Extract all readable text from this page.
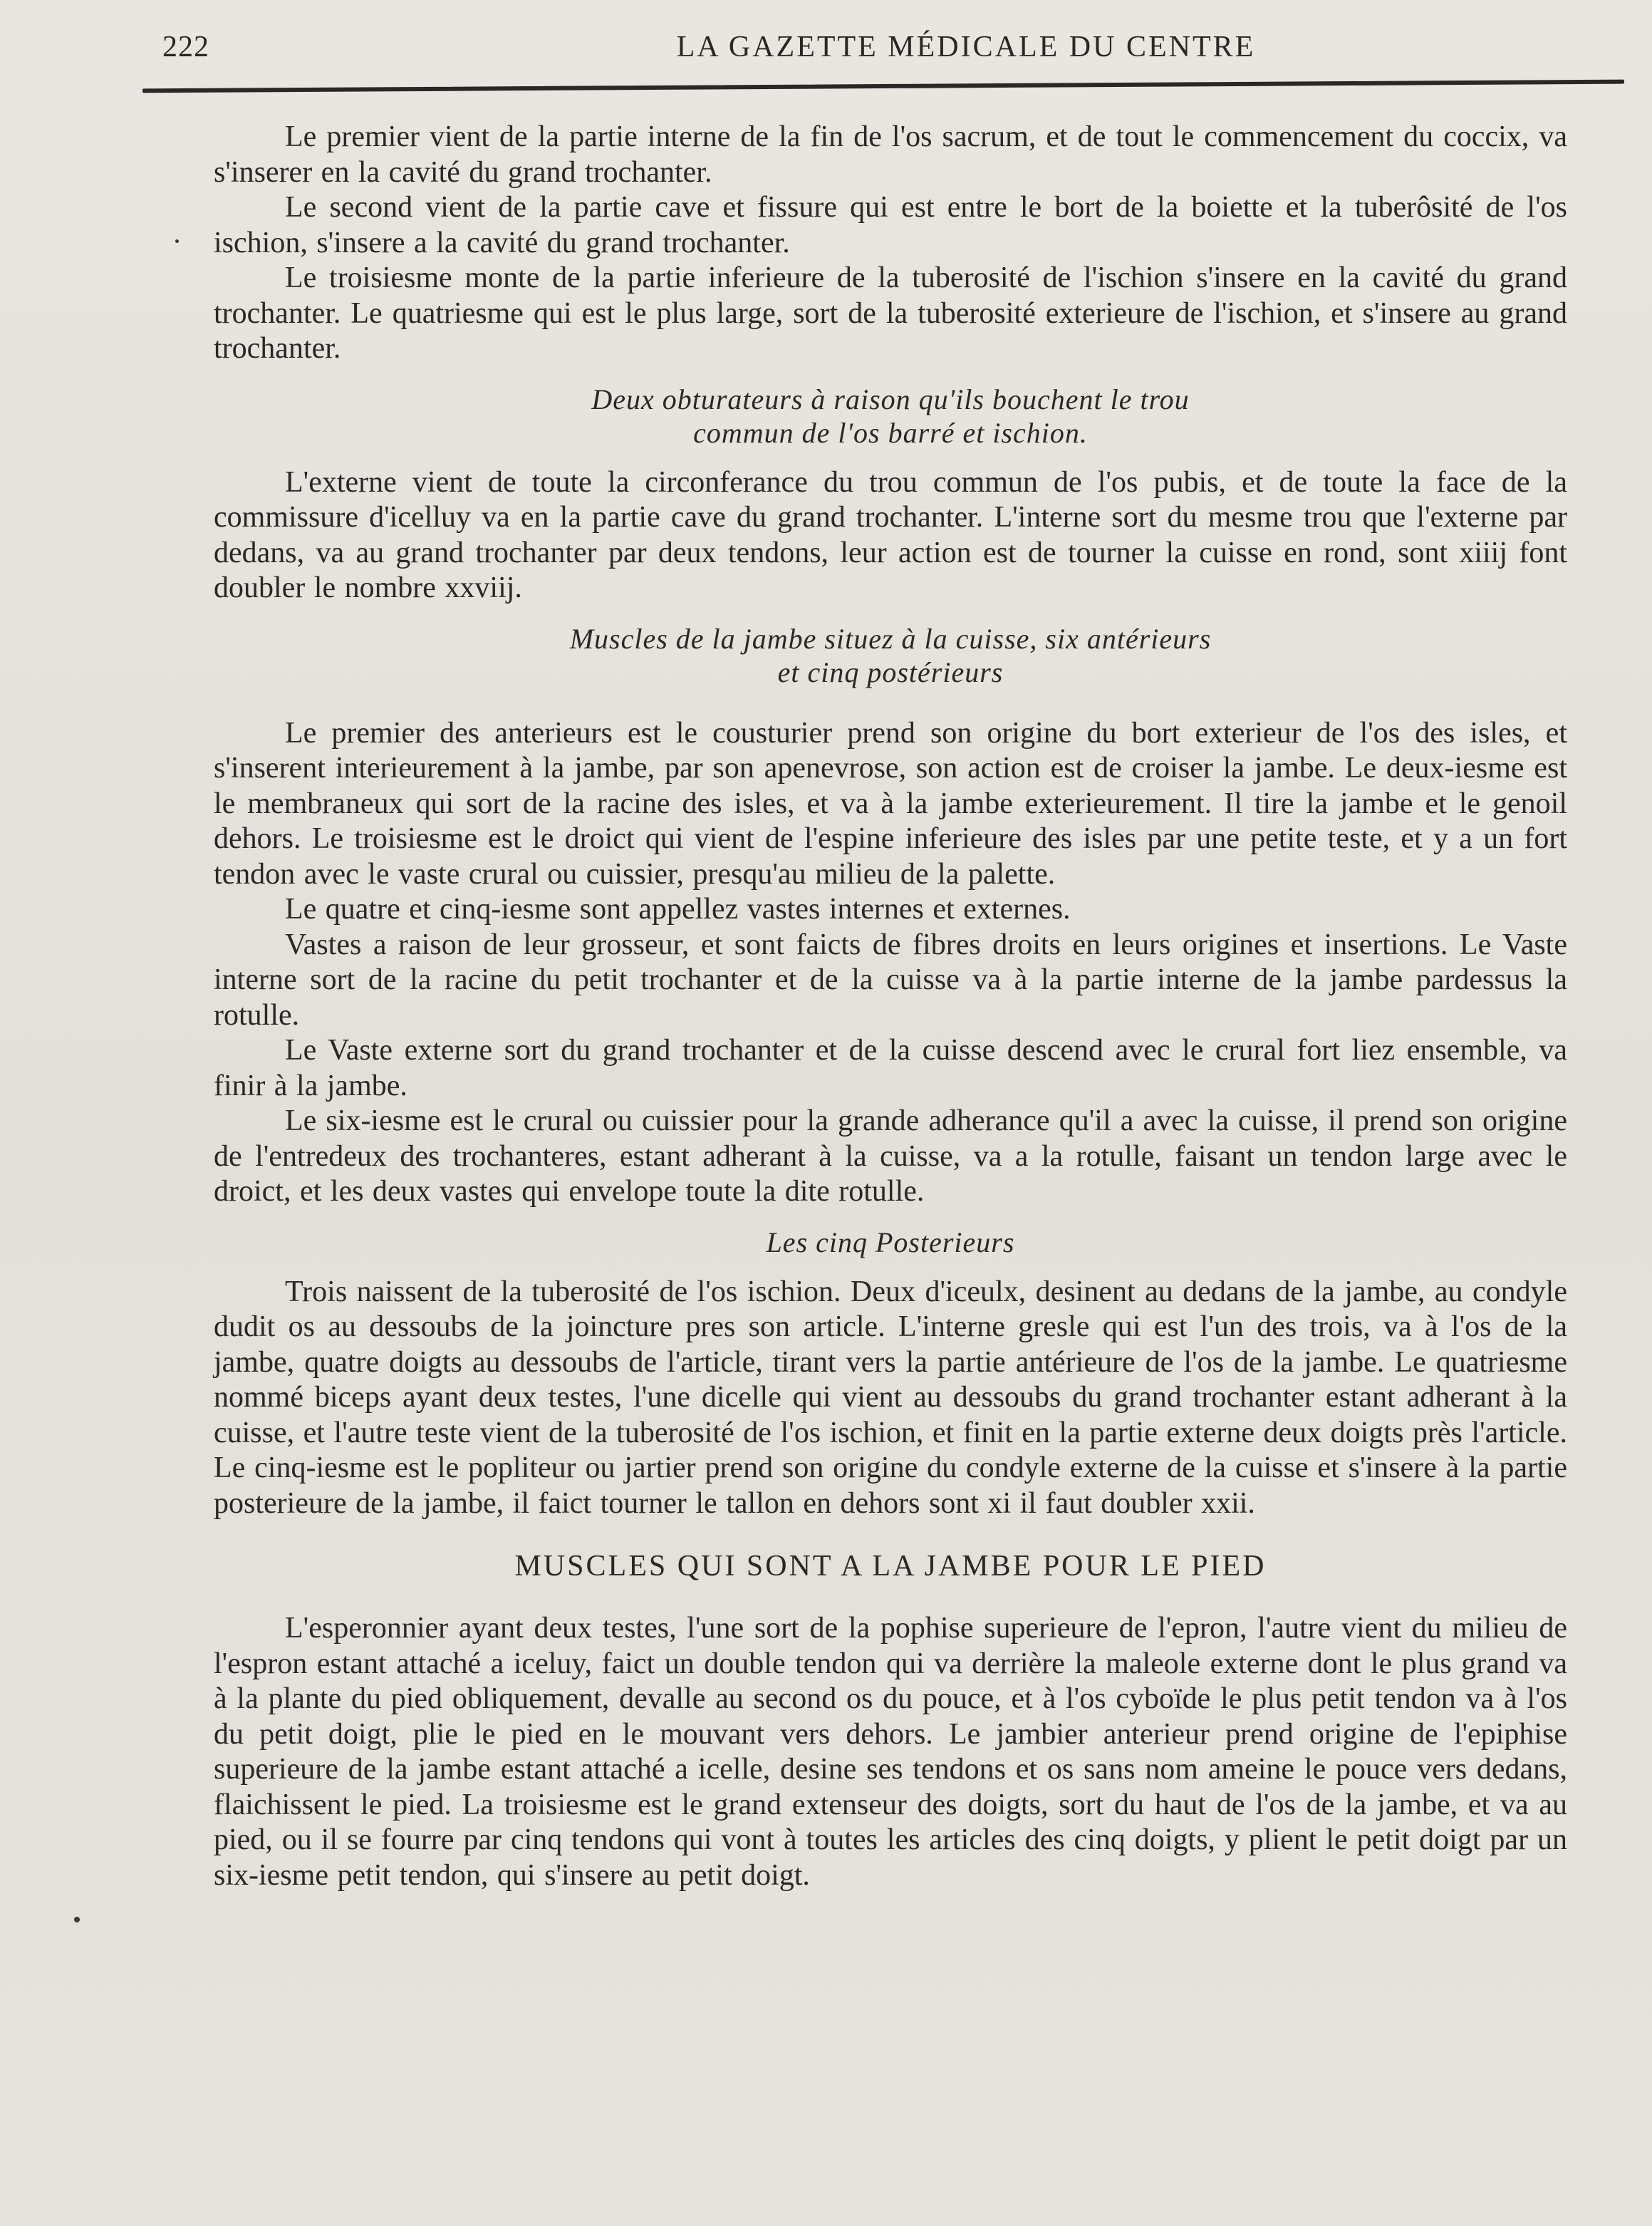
222	LA GAZETTE MÉDICALE DU CENTRE

Le premier vient de la partie interne de la fin de l'os sacrum, et de tout le commencement du coccix, va s'inserer en la cavité du grand trochanter.

Le second vient de la partie cave et fissure qui est entre le bort de la boiette et la tuberôsité de l'os ischion, s'insere a la cavité du grand trochanter.

Le troisiesme monte de la partie inferieure de la tuberosité de l'ischion s'insere en la cavité du grand trochanter. Le quatriesme qui est le plus large, sort de la tuberosité exterieure de l'ischion, et s'insere au grand trochanter.

Deux obturateurs à raison qu'ils bouchent le trou
commun de l'os barré et ischion.

L'externe vient de toute la circonferance du trou commun de l'os pubis, et de toute la face de la commissure d'icelluy va en la partie cave du grand trochanter. L'interne sort du mesme trou que l'externe par dedans, va au grand trochanter par deux tendons, leur action est de tourner la cuisse en rond, sont xiiij font doubler le nombre xxviij.

Muscles de la jambe situez à la cuisse, six antérieurs
et cinq postérieurs

Le premier des anterieurs est le cousturier prend son origine du bort exterieur de l'os des isles, et s'inserent interieurement à la jambe, par son apenevrose, son action est de croiser la jambe. Le deux-iesme est le membraneux qui sort de la racine des isles, et va à la jambe exterieurement. Il tire la jambe et le genoil dehors. Le troisiesme est le droict qui vient de l'espine inferieure des isles par une petite teste, et y a un fort tendon avec le vaste crural ou cuissier, presqu'au milieu de la palette.

Le quatre et cinq-iesme sont appellez vastes internes et externes.

Vastes a raison de leur grosseur, et sont faicts de fibres droits en leurs origines et insertions. Le Vaste interne sort de la racine du petit trochanter et de la cuisse va à la partie interne de la jambe pardessus la rotulle.

Le Vaste externe sort du grand trochanter et de la cuisse descend avec le crural fort liez ensemble, va finir à la jambe.

Le six-iesme est le crural ou cuissier pour la grande adherance qu'il a avec la cuisse, il prend son origine de l'entredeux des trochanteres, estant adherant à la cuisse, va a la rotulle, faisant un tendon large avec le droict, et les deux vastes qui envelope toute la dite rotulle.

Les cinq Posterieurs

Trois naissent de la tuberosité de l'os ischion. Deux d'iceulx, desinent au dedans de la jambe, au condyle dudit os au dessoubs de la joincture pres son article. L'interne gresle qui est l'un des trois, va à l'os de la jambe, quatre doigts au dessoubs de l'article, tirant vers la partie antérieure de l'os de la jambe. Le quatriesme nommé biceps ayant deux testes, l'une dicelle qui vient au dessoubs du grand trochanter estant adherant à la cuisse, et l'autre teste vient de la tuberosité de l'os ischion, et finit en la partie externe deux doigts près l'article. Le cinq-iesme est le popliteur ou jartier prend son origine du condyle externe de la cuisse et s'insere à la partie posterieure de la jambe, il faict tourner le tallon en dehors sont xi il faut doubler xxii.

MUSCLES QUI SONT A LA JAMBE POUR LE PIED

L'esperonnier ayant deux testes, l'une sort de la pophise superieure de l'epron, l'autre vient du milieu de l'espron estant attaché a iceluy, faict un double tendon qui va derrière la maleole externe dont le plus grand va à la plante du pied obliquement, devalle au second os du pouce, et à l'os cyboïde le plus petit tendon va à l'os du petit doigt, plie le pied en le mouvant vers dehors. Le jambier anterieur prend origine de l'epiphise superieure de la jambe estant attaché a icelle, desine ses tendons et os sans nom ameine le pouce vers dedans, flaichissent le pied. La troisiesme est le grand extenseur des doigts, sort du haut de l'os de la jambe, et va au pied, ou il se fourre par cinq tendons qui vont à toutes les articles des cinq doigts, y plient le petit doigt par un six-iesme petit tendon, qui s'insere au petit doigt.
